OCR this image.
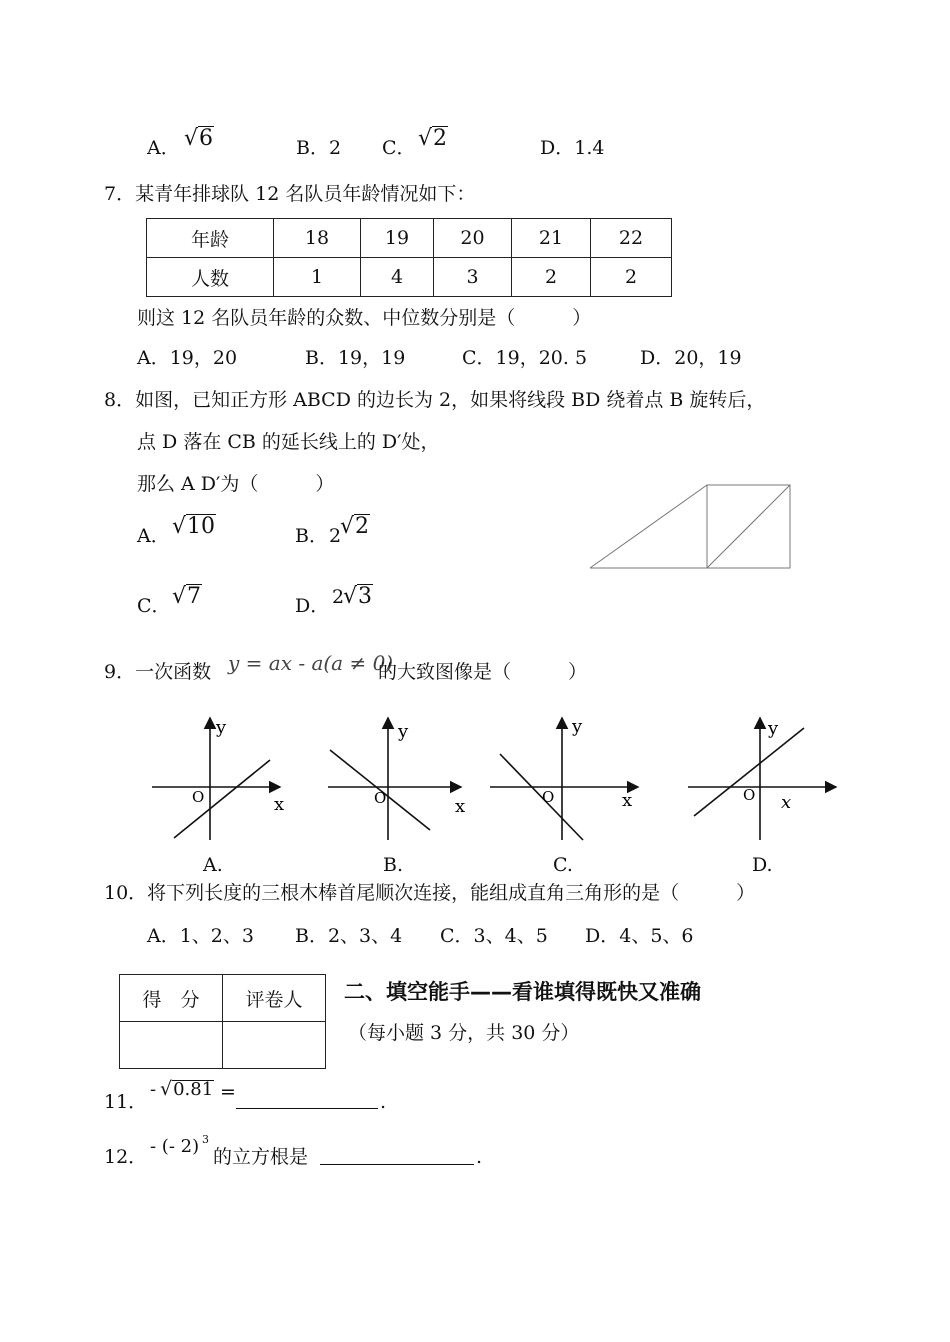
A． √6	B．2 C． √2	D．1.4
7．某青年排球队 12 名队员年龄情况如下：
年龄	18	19	20	21	22
人数	1	4	3	2	2
则这 12 名队员年龄的众数、中位数分别是（　　　）
A．19，20	B．19，19	C．19，20. 5	D．20，19
8．如图，已知正方形 ABCD 的边长为 2，如果将线段 BD 绕着点 B 旋转后，
点 D 落在 CB 的延长线上的 D′处，
那么 A D′为（　　　）
A． √10	B． 2
√2
C． √7	D． 2
√3
9．一次函数 y = ax - a(a ≠ 0)
的大致图像是（　　　）
y
x
O
A.
y
x
O
B.
y
x
O
C.
y
x
O
D.
10．将下列长度的三根木棒首尾顺次连接，能组成直角三角形的是（　　　）
A．1、2、3 B．2、3、4 C．3、4、5 D．4、5、6
得　分	评卷人
	二、填空能手——看谁填得既快又准确
（每小题 3 分，共 30 分）
11．
- √0.81 =	.
12． - (- 2) 3
的立方根是	.
